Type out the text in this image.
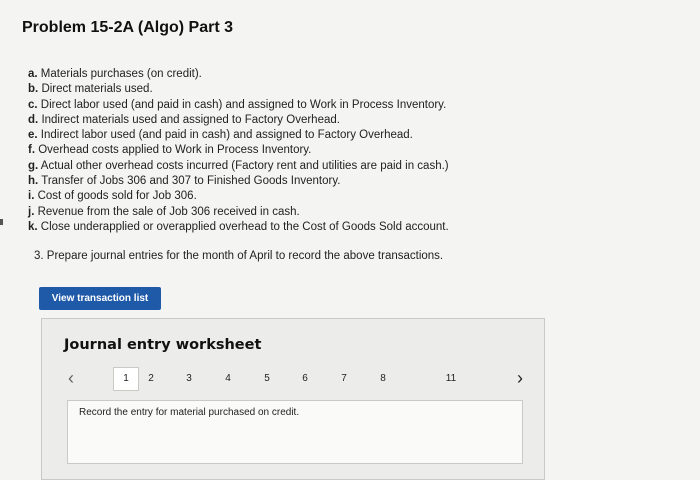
Problem 15-2A (Algo) Part 3
a. Materials purchases (on credit).
b. Direct materials used.
c. Direct labor used (and paid in cash) and assigned to Work in Process Inventory.
d. Indirect materials used and assigned to Factory Overhead.
e. Indirect labor used (and paid in cash) and assigned to Factory Overhead.
f. Overhead costs applied to Work in Process Inventory.
g. Actual other overhead costs incurred (Factory rent and utilities are paid in cash.)
h. Transfer of Jobs 306 and 307 to Finished Goods Inventory.
i. Cost of goods sold for Job 306.
j. Revenue from the sale of Job 306 received in cash.
k. Close underapplied or overapplied overhead to the Cost of Goods Sold account.
3. Prepare journal entries for the month of April to record the above transactions.
View transaction list
Journal entry worksheet
‹	1	2	3	4	5	6	7	8	11	›
Record the entry for material purchased on credit.
